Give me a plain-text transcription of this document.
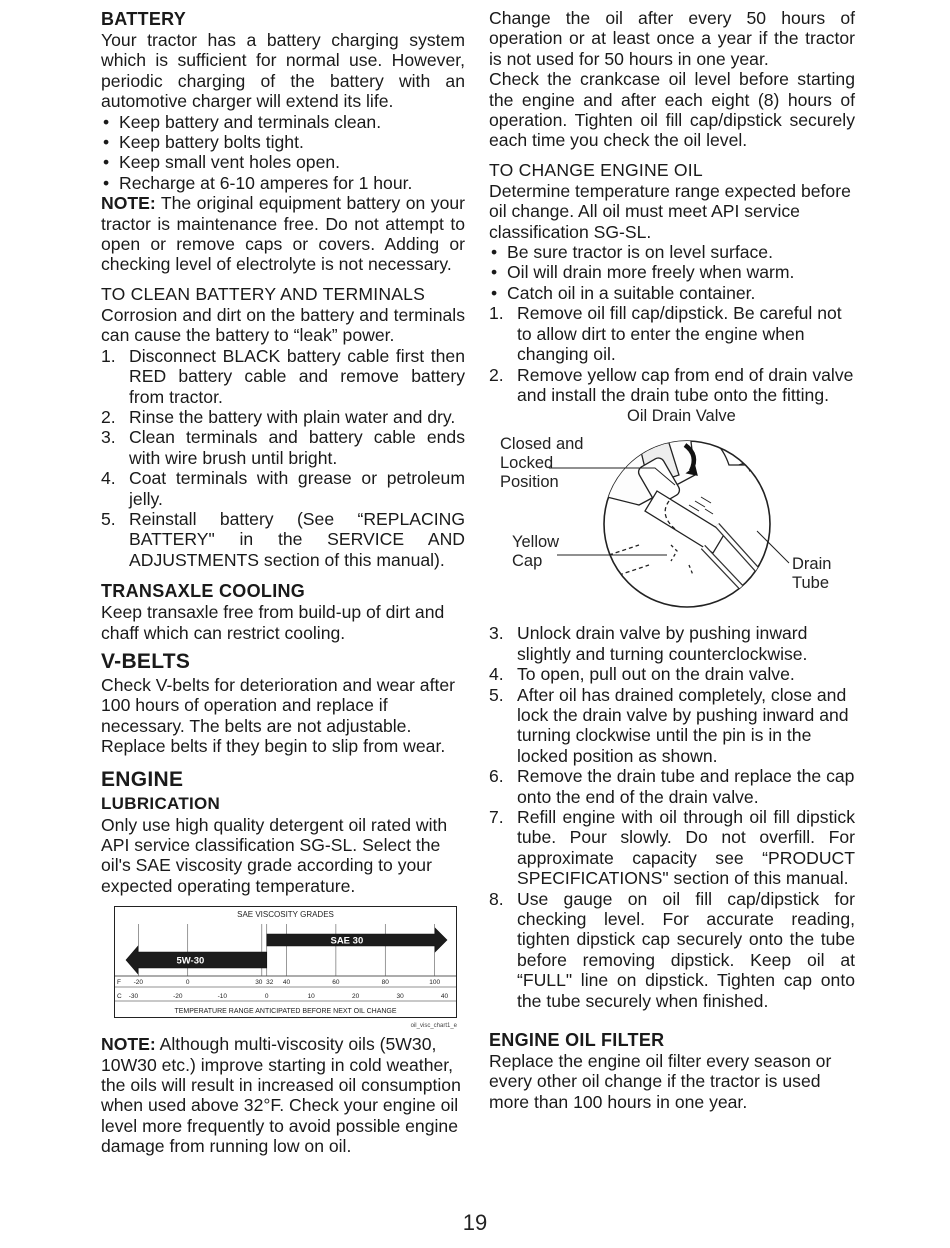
BATTERY

Your tractor has a battery charging system which is sufficient for normal use. However, periodic charging of the battery with an automotive charger will extend its life.

• Keep battery and terminals clean.
• Keep battery bolts tight.
• Keep small vent holes open.
• Recharge at 6-10 amperes for 1 hour.

NOTE: The original equipment battery on your tractor is maintenance free. Do not attempt to open or remove caps or covers. Adding or checking level of electrolyte is not necessary.

TO CLEAN BATTERY AND TERMINALS

Corrosion and dirt on the battery and terminals can cause the battery to “leak” power.

1. Disconnect BLACK battery cable first then RED battery cable and remove battery from tractor.
2. Rinse the battery with plain water and dry.
3. Clean terminals and battery cable ends with wire brush until bright.
4. Coat terminals with grease or petroleum jelly.
5. Reinstall battery (See “REPLACING BATTERY" in the SERVICE AND ADJUSTMENTS section of this manual).
TRANSAXLE COOLING

Keep transaxle free from build-up of dirt and chaff which can restrict cooling.

V-BELTS

Check V-belts for deterioration and wear after 100 hours of operation and replace if necessary. The belts are not adjustable. Replace belts if they begin to slip from wear.

ENGINE
LUBRICATION

Only use high quality detergent oil rated with API service classification SG-SL. Select the oil's SAE viscosity grade according to your expected operating temperature.

SAE VISCOSITY GRADES
5W-30
SAE 30
F -20	0	30 32 40	60	80	100
C -30	-20	-10	0	10	20	30	40
TEMPERATURE RANGE ANTICIPATED BEFORE NEXT OIL CHANGE
oil_visc_chart1_e

NOTE: Although multi-viscosity oils (5W30, 10W30 etc.) improve starting in cold weather, the oils will result in increased oil consumption when used above 32°F. Check your engine oil level more frequently to avoid possible engine damage from running low on oil.

Change the oil after every 50 hours of operation or at least once a year if the tractor is not used for 50 hours in one year.

Check the crankcase oil level before starting the engine and after each eight (8) hours of operation. Tighten oil fill cap/dipstick securely each time you check the oil level.

TO CHANGE ENGINE OIL

Determine temperature range expected before oil change. All oil must meet API service classification SG-SL.

• Be sure tractor is on level surface.
• Oil will drain more freely when warm.
• Catch oil in a suitable container.
1. Remove oil fill cap/dipstick. Be careful not to allow dirt to enter the engine when changing oil.
2. Remove yellow cap from end of drain valve and install the drain tube onto the fitting.
Oil Drain Valve
Closed and Locked Position
Yellow Cap	Drain Tube
3. Unlock drain valve by pushing inward slightly and turning counterclockwise.
4. To open, pull out on the drain valve.
5. After oil has drained completely, close and lock the drain valve by pushing inward and turning clockwise until the pin is in the locked position as shown.
6. Remove the drain tube and replace the cap onto the end of the drain valve.
7. Refill engine with oil through oil fill dipstick tube. Pour slowly. Do not overfill. For approximate capacity see “PRODUCT SPECIFICATIONS" section of this manual.
8. Use gauge on oil fill cap/dipstick for checking level. For accurate reading, tighten dipstick cap securely onto the tube before removing dipstick. Keep oil at “FULL" line on dipstick. Tighten cap onto the tube securely when finished.
ENGINE OIL FILTER

Replace the engine oil filter every season or every other oil change if the tractor is used more than 100 hours in one year.

19
